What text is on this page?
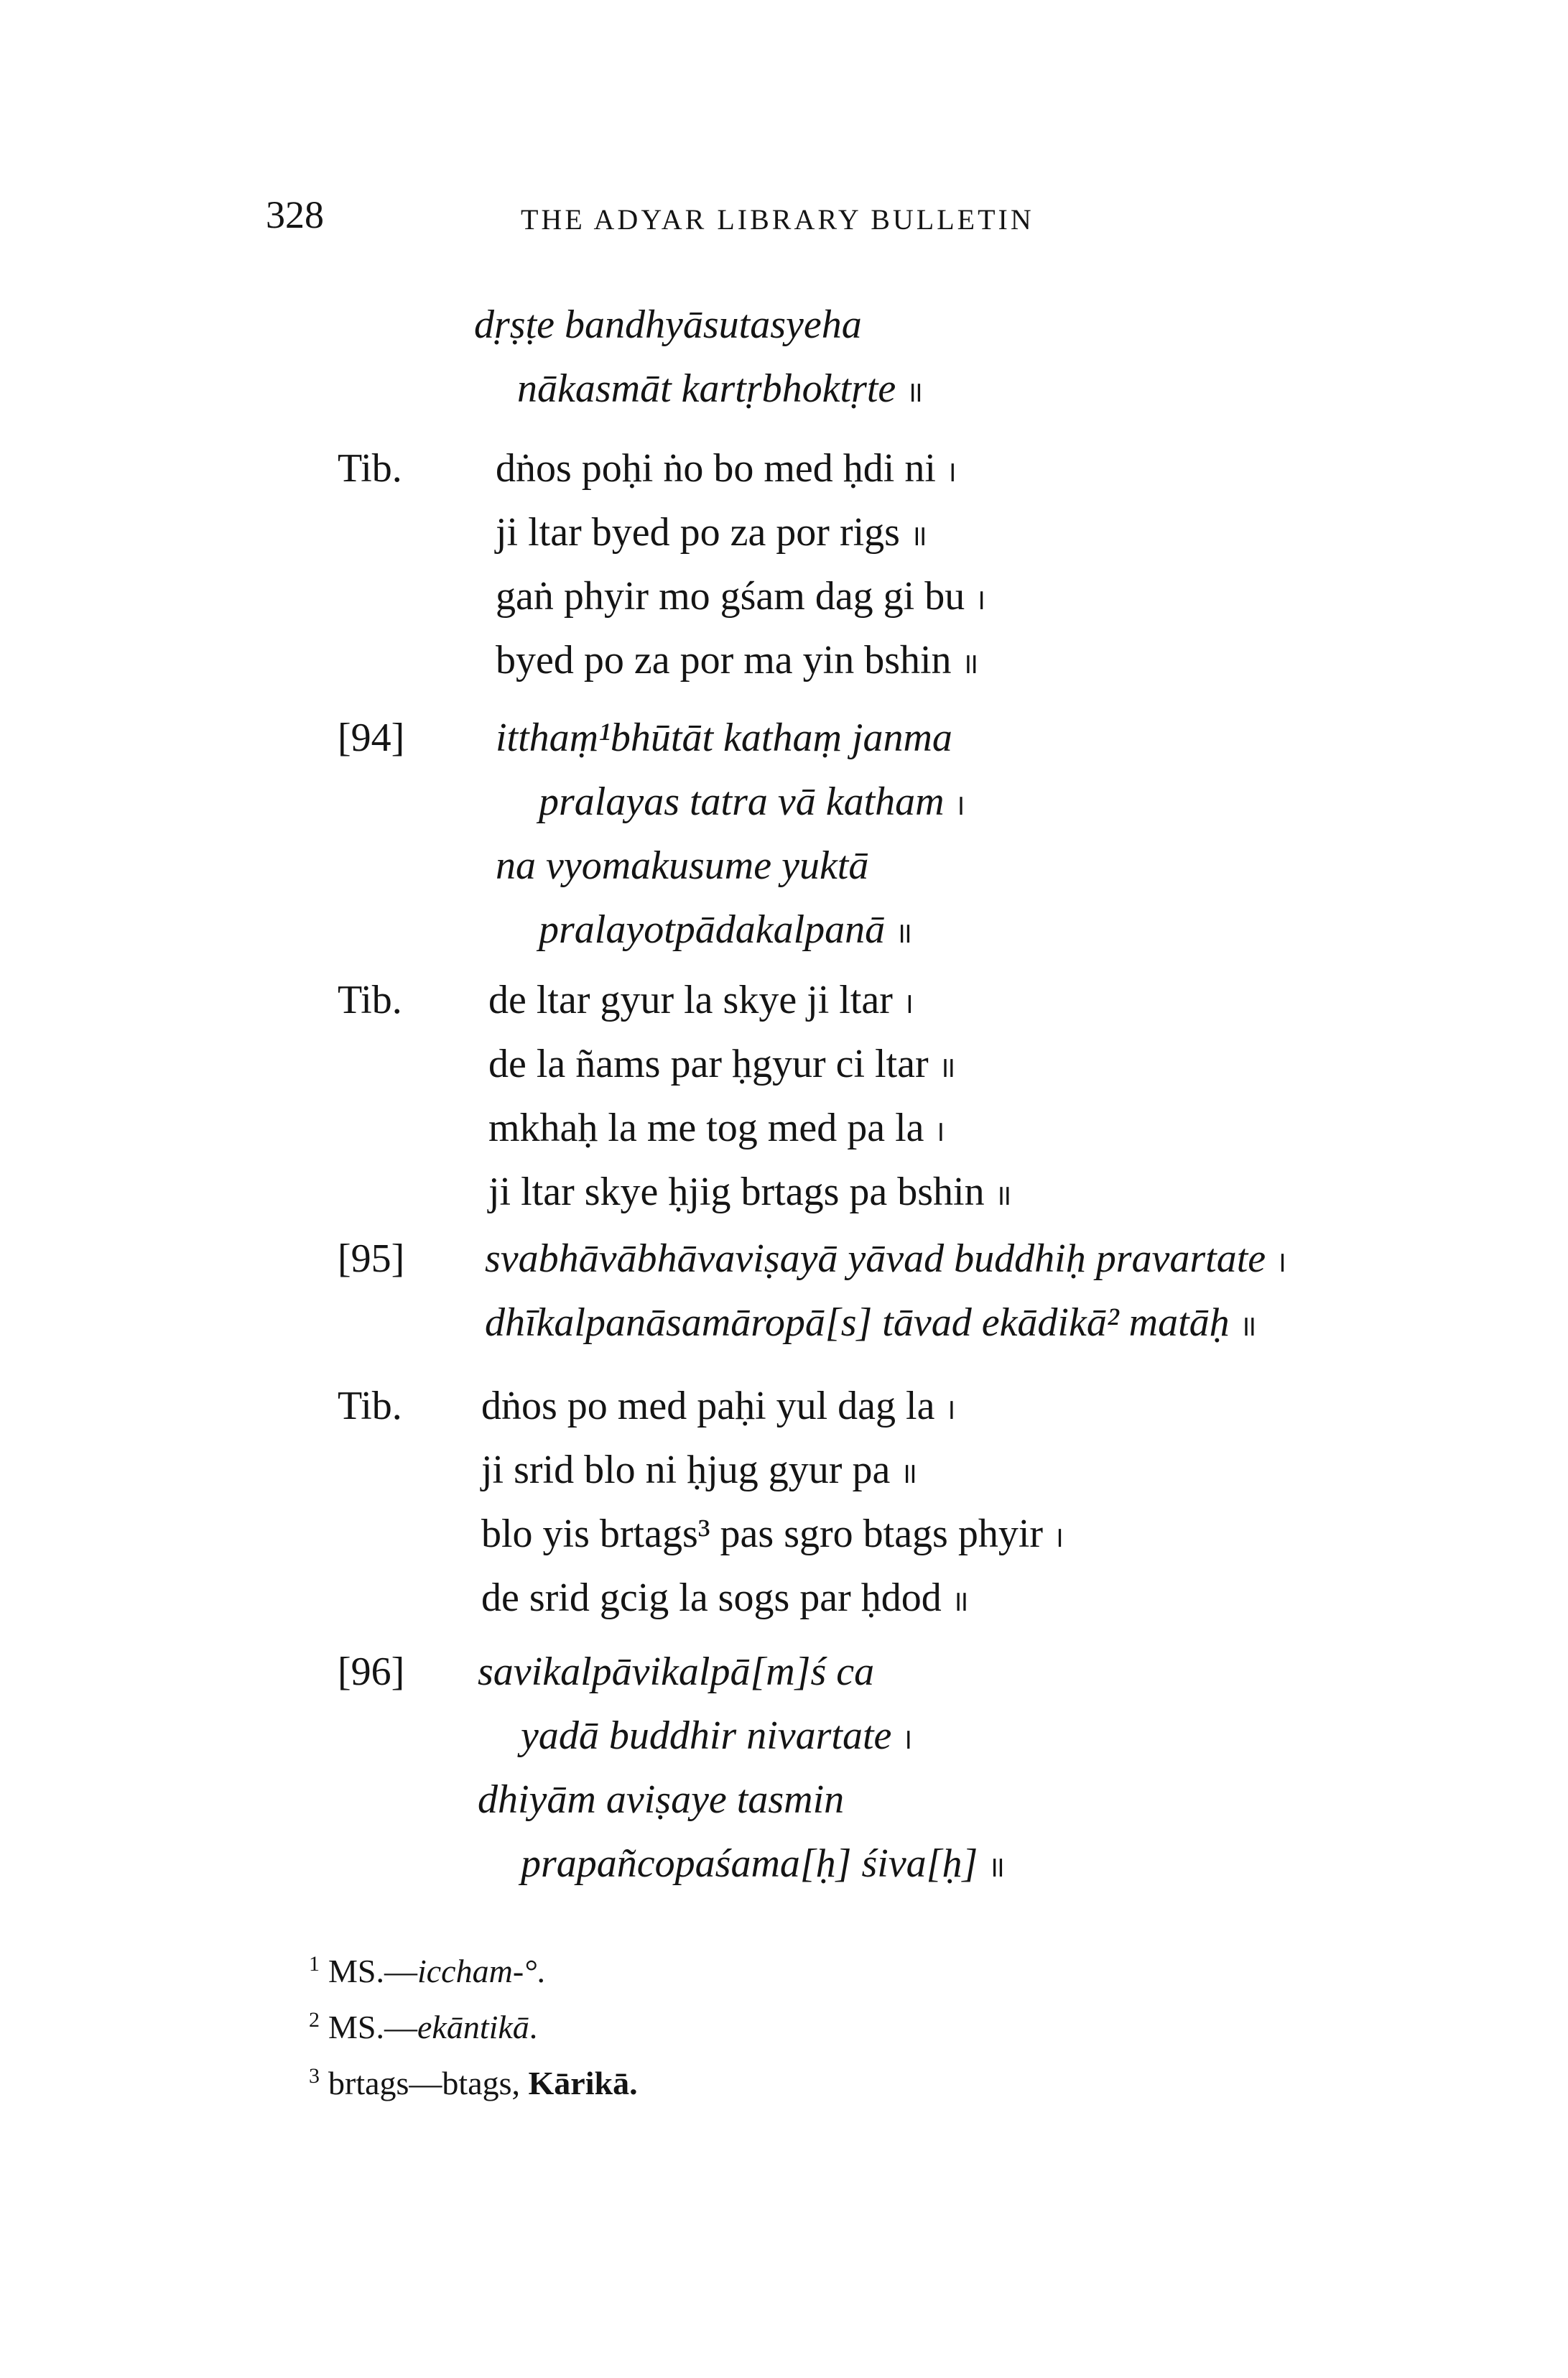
328	THE ADYAR LIBRARY BULLETIN
dṛṣṭe bandhyāsutasyeha
nākasmāt kartṛbhoktṛte ॥
Tib.	dṅos poḥi ṅo bo med ḥdi ni ।
ji ltar byed po za por rigs ॥
gaṅ phyir mo gśam dag gi bu ।
byed po za por ma yin bshin ॥
[94]	itthaṃ¹bhūtāt kathaṃ janma
pralayas tatra vā katham ।
na vyomakusume yuktā
pralayotpādakalpanā ॥
Tib.	de ltar gyur la skye ji ltar ।
de la ñams par ḥgyur ci ltar ॥
mkhaḥ la me tog med pa la ।
ji ltar skye ḥjig brtags pa bshin ॥
[95]	svabhāvābhāvaviṣayā yāvad buddhiḥ pravartate ।
dhīkalpanāsamāropā[s] tāvad ekādikā² matāḥ ॥
Tib.	dṅos po med paḥi yul dag la ।
ji srid blo ni ḥjug gyur pa ॥
blo yis brtags³ pas sgro btags phyir ।
de srid gcig la sogs par ḥdod ॥
[96]	savikalpāvikalpā[m]ś ca
yadā buddhir nivartate ।
dhiyām aviṣaye tasmin
prapañcopaśama[ḥ] śiva[ḥ] ॥
$^1$ MS.—iccham-°.
$^2$ MS.—ekāntikā.
$^3$ brtags—btags, Kārikā.
